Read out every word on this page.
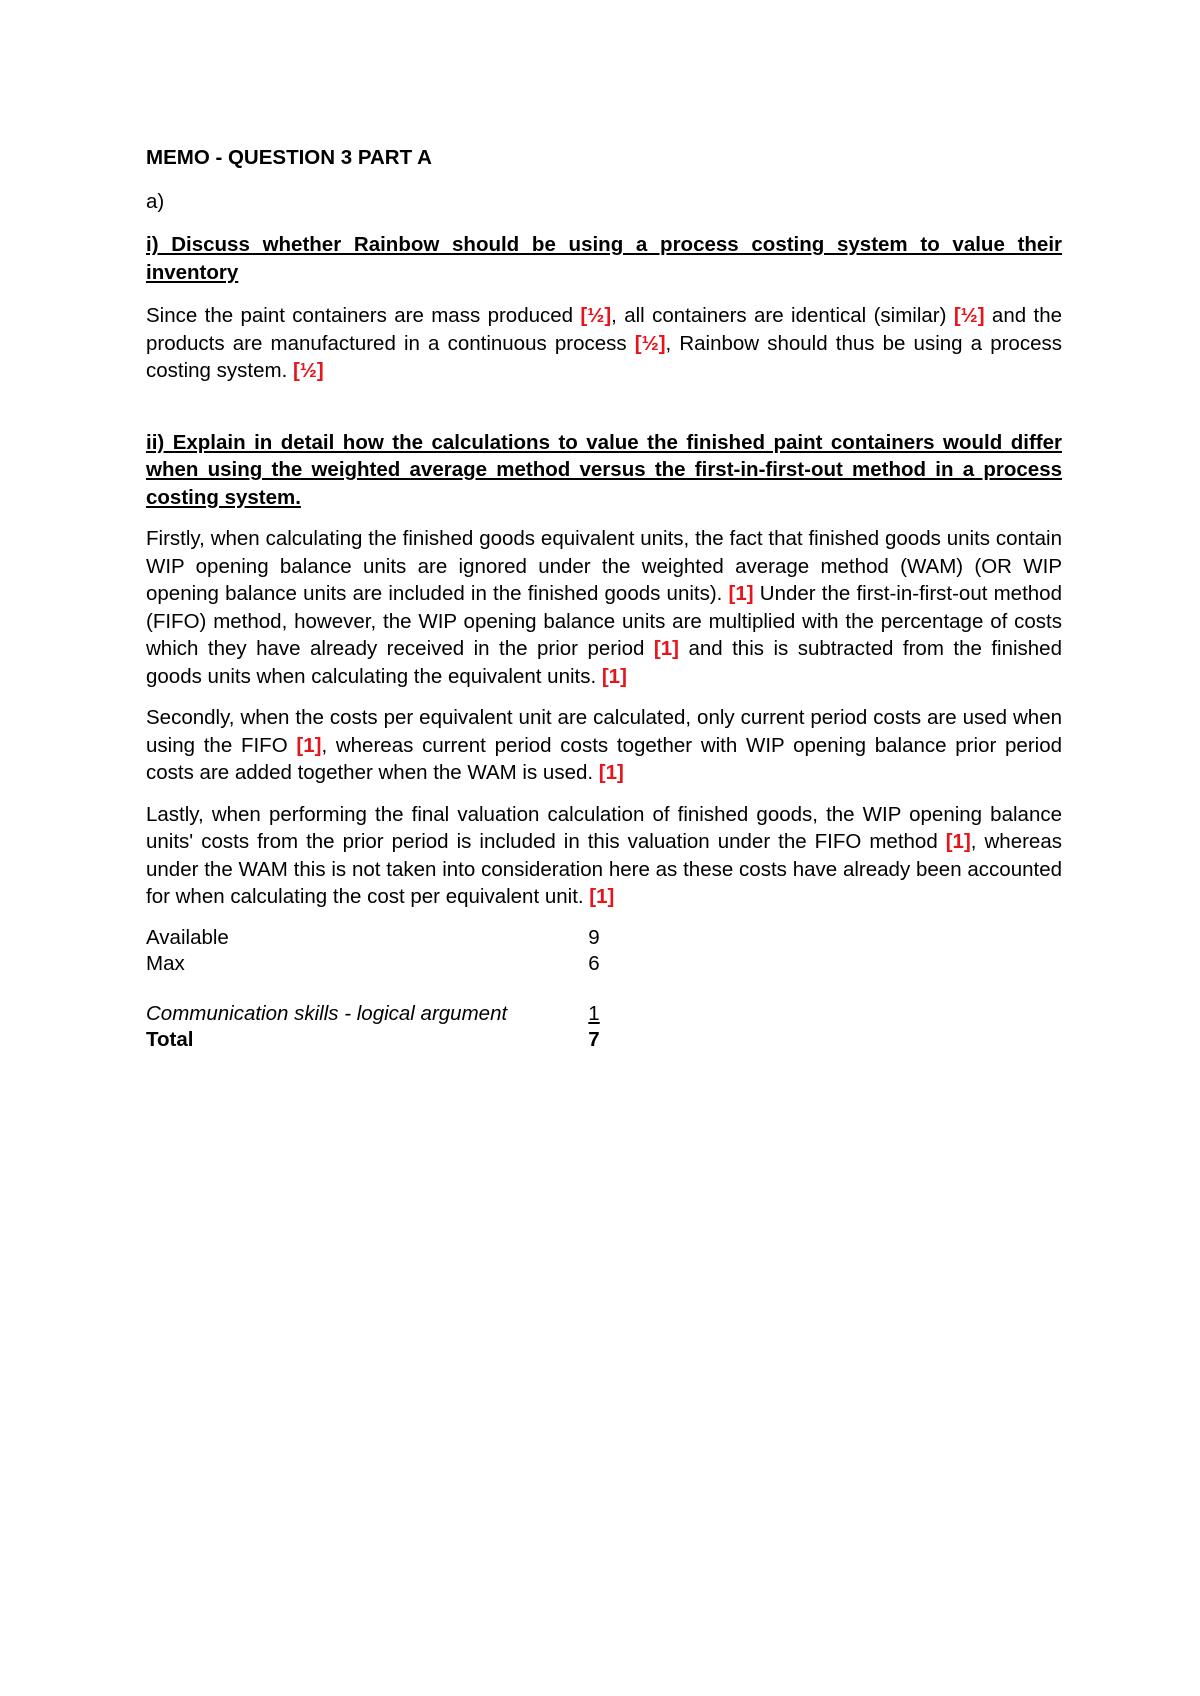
MEMO - QUESTION 3 PART A

a)

i) Discuss whether Rainbow should be using a process costing system to value their inventory

Since the paint containers are mass produced [½], all containers are identical (similar) [½] and the products are manufactured in a continuous process [½], Rainbow should thus be using a process costing system. [½]

ii) Explain in detail how the calculations to value the finished paint containers would differ when using the weighted average method versus the first-in-first-out method in a process costing system.

Firstly, when calculating the finished goods equivalent units, the fact that finished goods units contain WIP opening balance units are ignored under the weighted average method (WAM) (OR WIP opening balance units are included in the finished goods units). [1] Under the first-in-first-out method (FIFO) method, however, the WIP opening balance units are multiplied with the percentage of costs which they have already received in the prior period [1] and this is subtracted from the finished goods units when calculating the equivalent units. [1]

Secondly, when the costs per equivalent unit are calculated, only current period costs are used when using the FIFO [1], whereas current period costs together with WIP opening balance prior period costs are added together when the WAM is used. [1]

Lastly, when performing the final valuation calculation of finished goods, the WIP opening balance units' costs from the prior period is included in this valuation under the FIFO method [1], whereas under the WAM this is not taken into consideration here as these costs have already been accounted for when calculating the cost per equivalent unit. [1]

Available	9
Max	6
Communication skills - logical argument	1
Total	7
